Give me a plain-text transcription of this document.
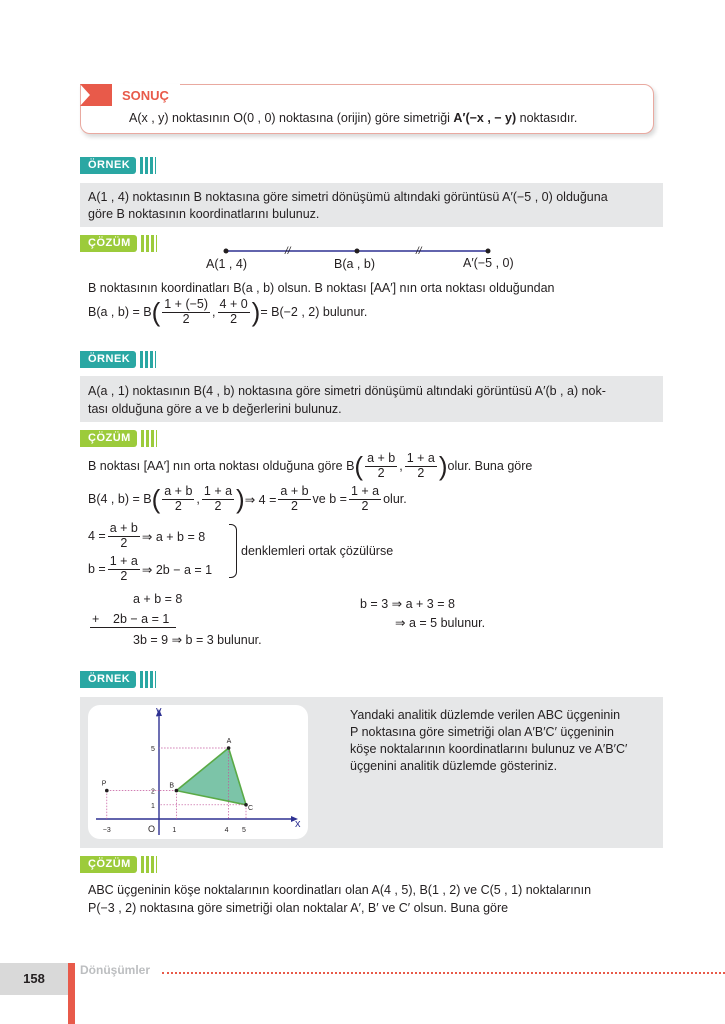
SONUÇ
A(x , y) noktasının O(0 , 0) noktasına (orijin) göre simetriği A′(−x , − y) noktasıdır.
ÖRNEK
A(1 , 4) noktasının B noktasına göre simetri dönüşümü altındaki görüntüsü A′(−5 , 0) olduğuna
göre B noktasının koordinatlarını bulunuz.
ÇÖZÜM
//	//
A(1 , 4)	B(a , b)	A′(−5 , 0)
B noktasının koordinatları B(a , b) olsun. B noktası [AA′] nın orta noktası olduğundan
B(a , b) = B ( $\frac{1 + (-5)}{2}$ , $\frac{4 + 0}{2}$ ) = B(−2 , 2) bulunur.
ÖRNEK
A(a , 1) noktasının B(4 , b) noktasına göre simetri dönüşümü altındaki görüntüsü A′(b , a) nok-
tası olduğuna göre a ve b değerlerini bulunuz.
ÇÖZÜM
B noktası [AA′] nın orta noktası olduğuna göre B ( $\frac{a + b}{2}$ , $\frac{1 + a}{2}$ ) olur. Buna göre
B(4 , b) = B ( $\frac{a + b}{2}$ , $\frac{1 + a}{2}$ ) ⇒ $4 = \frac{a + b}{2}$ ve $b = \frac{1 + a}{2}$ olur.
$4 = \frac{a + b}{2}$ ⇒ a + b = 8
$b = \frac{1 + a}{2}$ ⇒ 2b − a = 1
denklemleri ortak çözülürse
a + b = 8
+ 2b − a = 1
3b = 9 ⇒ b = 3 bulunur.
b = 3 ⇒ a + 3 = 8
⇒ a = 5 bulunur.
ÖRNEK
x
y
O
−3	1	4 5
5
2
1
A
B
C
P
Yandaki analitik düzlemde verilen ABC üçgeninin
P noktasına göre simetriği olan A′B′C′ üçgeninin
köşe noktalarının koordinatlarını bulunuz ve A′B′C′
üçgenini analitik düzlemde gösteriniz.
ÇÖZÜM
ABC üçgeninin köşe noktalarının koordinatları olan A(4 , 5), B(1 , 2) ve C(5 , 1) noktalarının
P(−3 , 2) noktasına göre simetriği olan noktalar A′, B′ ve C′ olsun. Buna göre
158
Dönüşümler
